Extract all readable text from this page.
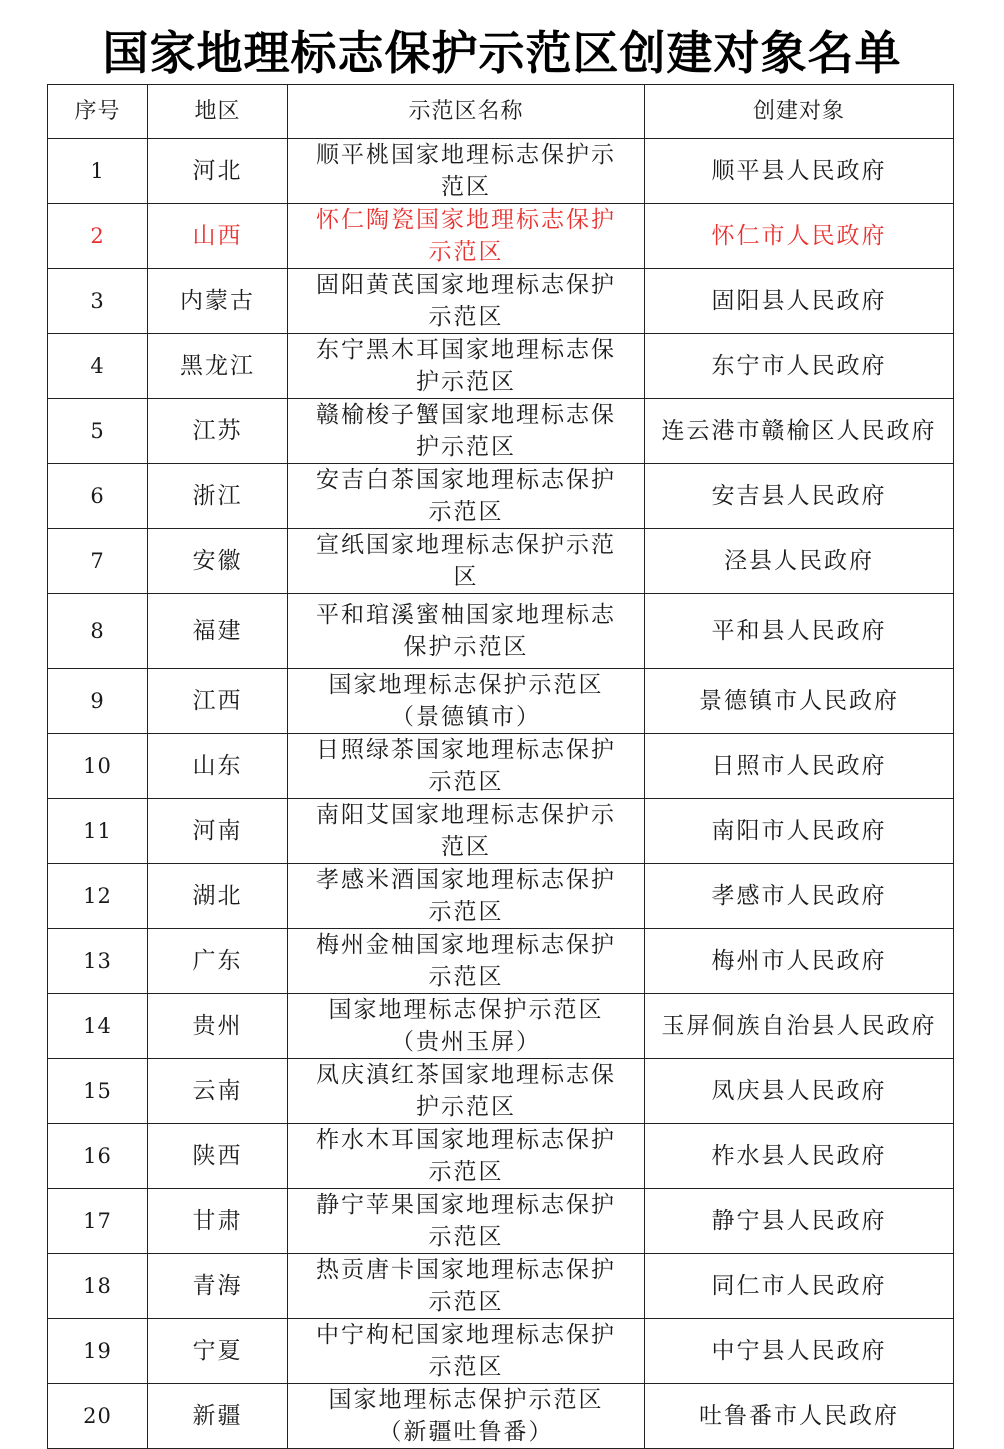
国家地理标志保护示范区创建对象名单
序号	地区	示范区名称	创建对象
1	河北	顺平桃国家地理标志保护示范区	顺平县人民政府
2	山西	怀仁陶瓷国家地理标志保护示范区	怀仁市人民政府
3	内蒙古	固阳黄芪国家地理标志保护示范区	固阳县人民政府
4	黑龙江	东宁黑木耳国家地理标志保护示范区	东宁市人民政府
5	江苏	赣榆梭子蟹国家地理标志保护示范区	连云港市赣榆区人民政府
6	浙江	安吉白茶国家地理标志保护示范区	安吉县人民政府
7	安徽	宣纸国家地理标志保护示范区	泾县人民政府
8	福建	平和琯溪蜜柚国家地理标志保护示范区	平和县人民政府
9	江西	国家地理标志保护示范区（景德镇市）	景德镇市人民政府
10	山东	日照绿茶国家地理标志保护示范区	日照市人民政府
11	河南	南阳艾国家地理标志保护示范区	南阳市人民政府
12	湖北	孝感米酒国家地理标志保护示范区	孝感市人民政府
13	广东	梅州金柚国家地理标志保护示范区	梅州市人民政府
14	贵州	国家地理标志保护示范区（贵州玉屏）	玉屏侗族自治县人民政府
15	云南	凤庆滇红茶国家地理标志保护示范区	凤庆县人民政府
16	陕西	柞水木耳国家地理标志保护示范区	柞水县人民政府
17	甘肃	静宁苹果国家地理标志保护示范区	静宁县人民政府
18	青海	热贡唐卡国家地理标志保护示范区	同仁市人民政府
19	宁夏	中宁枸杞国家地理标志保护示范区	中宁县人民政府
20	新疆	国家地理标志保护示范区（新疆吐鲁番）	吐鲁番市人民政府
